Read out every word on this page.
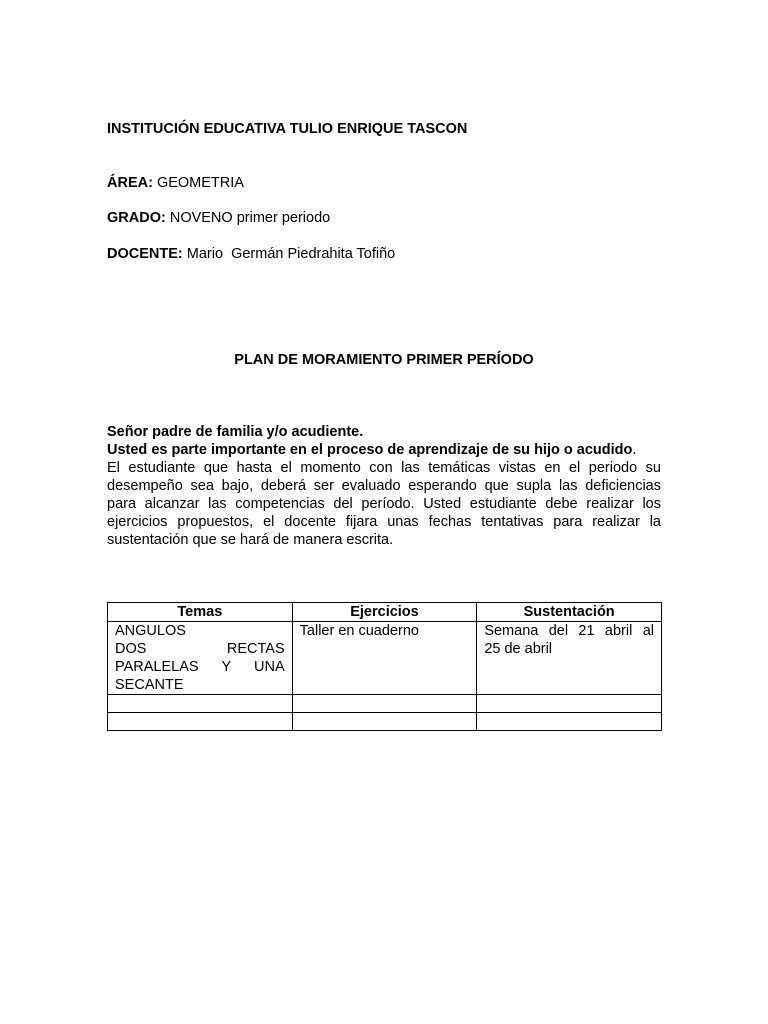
INSTITUCIÓN EDUCATIVA TULIO ENRIQUE TASCON
ÁREA: GEOMETRIA
GRADO: NOVENO primer periodo
DOCENTE: Mario  Germán Piedrahita Tofiño
PLAN DE MORAMIENTO PRIMER PERÍODO
Señor padre de familia y/o acudiente.
Usted es parte importante en el proceso de aprendizaje de su hijo o acudido.
El estudiante que hasta el momento con las temáticas vistas en el periodo su
desempeño sea bajo, deberá ser evaluado esperando que supla las deficiencias
para alcanzar las competencias del período. Usted estudiante debe realizar los
ejercicios propuestos, el docente fijara unas fechas tentativas para realizar la
sustentación que se hará de manera escrita.
Temas	Ejercicios	Sustentación

ANGULOS
DOS RECTAS
PARALELAS Y UNA
SECANTE	Taller en cuaderno	Semana del 21 abril al
25 de abril
